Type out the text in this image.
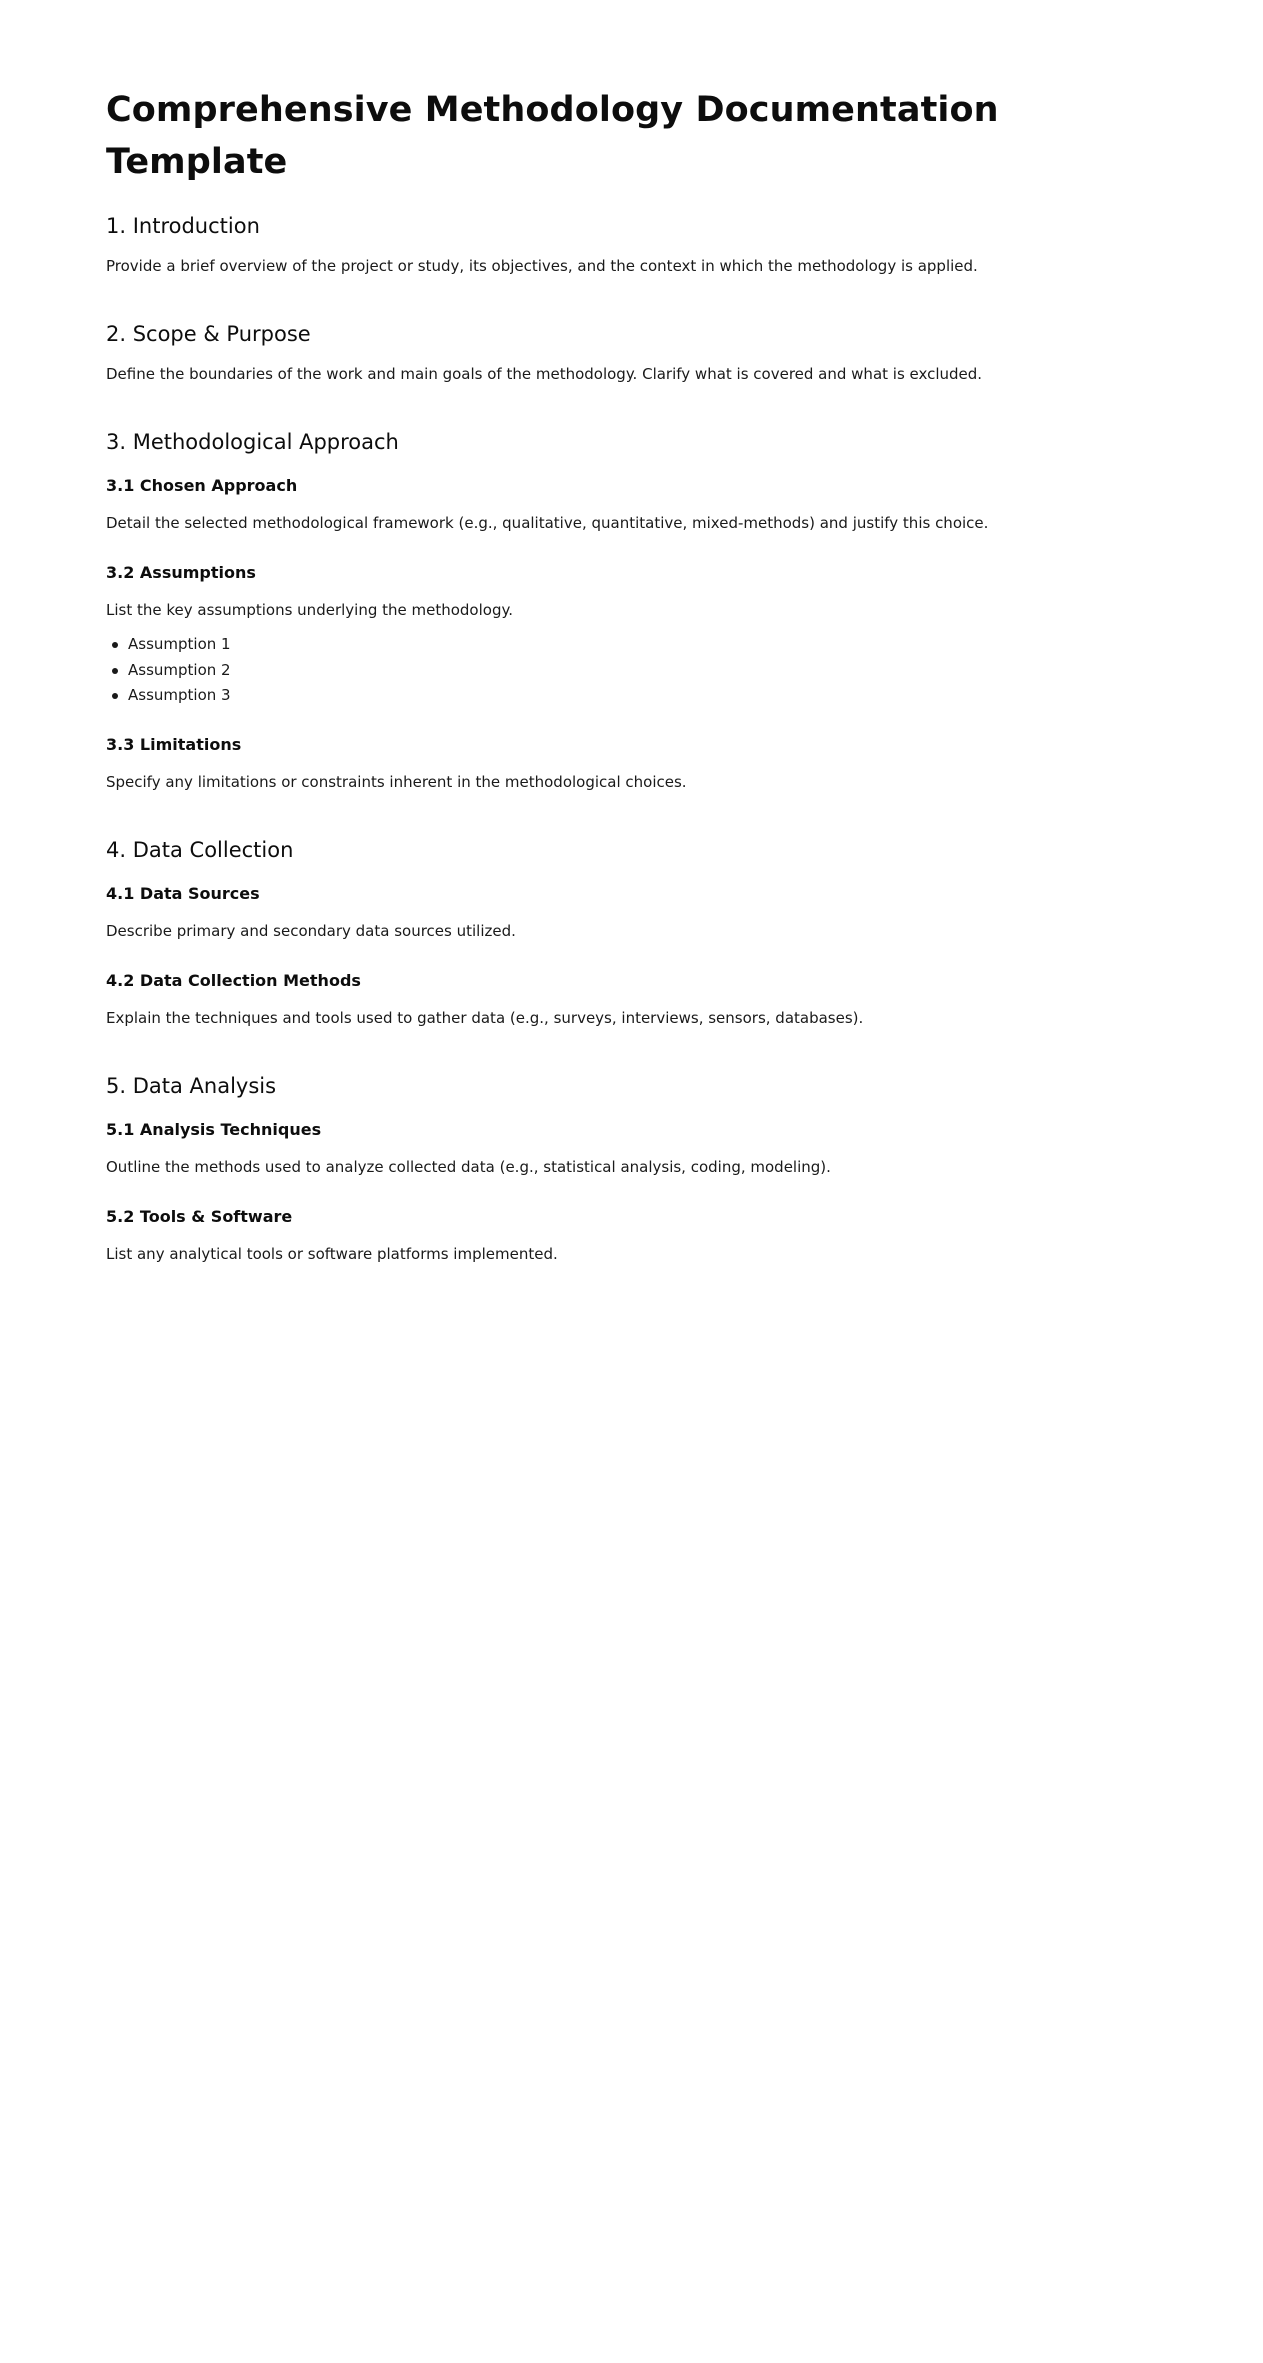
Comprehensive Methodology Documentation Template
1. Introduction

Provide a brief overview of the project or study, its objectives, and the context in which the methodology is applied.

2. Scope & Purpose

Define the boundaries of the work and main goals of the methodology. Clarify what is covered and what is excluded.

3. Methodological Approach
3.1 Chosen Approach

Detail the selected methodological framework (e.g., qualitative, quantitative, mixed-methods) and justify this choice.

3.2 Assumptions

List the key assumptions underlying the methodology.

Assumption 1
Assumption 2
Assumption 3
3.3 Limitations

Specify any limitations or constraints inherent in the methodological choices.

4. Data Collection
4.1 Data Sources

Describe primary and secondary data sources utilized.

4.2 Data Collection Methods

Explain the techniques and tools used to gather data (e.g., surveys, interviews, sensors, databases).

5. Data Analysis
5.1 Analysis Techniques

Outline the methods used to analyze collected data (e.g., statistical analysis, coding, modeling).

5.2 Tools & Software

List any analytical tools or software platforms implemented.
